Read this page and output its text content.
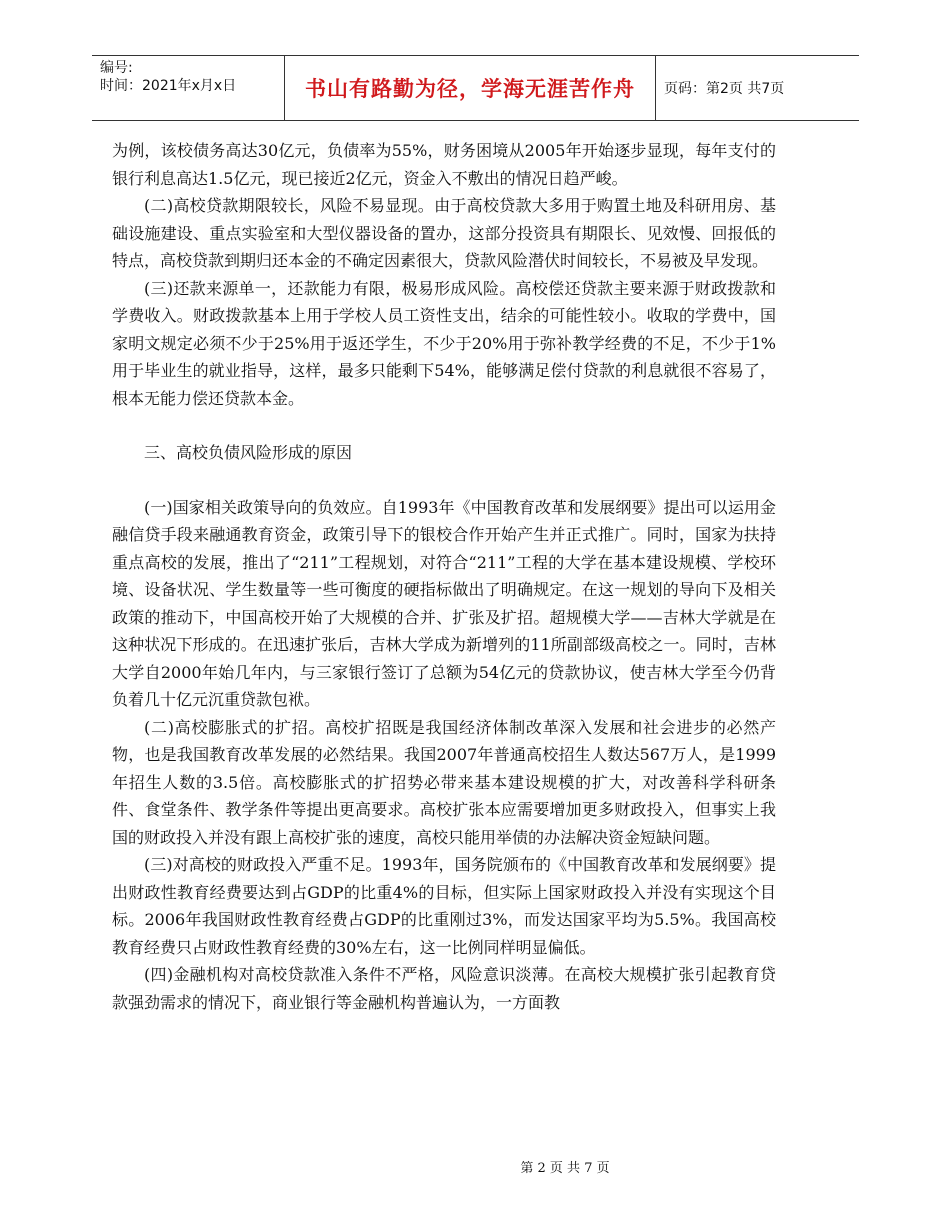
编号:
时间：2021年x月x日	书山有路勤为径，学海无涯苦作舟	页码：第2页 共7页

为例，该校债务高达30亿元，负债率为55%，财务困境从2005年开始逐步显现，每年支付的银行利息高达1.5亿元，现已接近2亿元，资金入不敷出的情况日趋严峻。

(二)高校贷款期限较长，风险不易显现。由于高校贷款大多用于购置土地及科研用房、基础设施建设、重点实验室和大型仪器设备的置办，这部分投资具有期限长、见效慢、回报低的特点，高校贷款到期归还本金的不确定因素很大，贷款风险潜伏时间较长，不易被及早发现。

(三)还款来源单一，还款能力有限，极易形成风险。高校偿还贷款主要来源于财政拨款和学费收入。财政拨款基本上用于学校人员工资性支出，结余的可能性较小。收取的学费中，国家明文规定必须不少于25%用于返还学生，不少于20%用于弥补教学经费的不足，不少于1%用于毕业生的就业指导，这样，最多只能剩下54%，能够满足偿付贷款的利息就很不容易了，根本无能力偿还贷款本金。

三、高校负债风险形成的原因

(一)国家相关政策导向的负效应。自1993年《中国教育改革和发展纲要》提出可以运用金融信贷手段来融通教育资金，政策引导下的银校合作开始产生并正式推广。同时，国家为扶持重点高校的发展，推出了“211”工程规划，对符合“211”工程的大学在基本建设规模、学校环境、设备状况、学生数量等一些可衡度的硬指标做出了明确规定。在这一规划的导向下及相关政策的推动下，中国高校开始了大规模的合并、扩张及扩招。超规模大学——吉林大学就是在这种状况下形成的。在迅速扩张后，吉林大学成为新增列的11所副部级高校之一。同时，吉林大学自2000年始几年内，与三家银行签订了总额为54亿元的贷款协议，使吉林大学至今仍背负着几十亿元沉重贷款包袱。

(二)高校膨胀式的扩招。高校扩招既是我国经济体制改革深入发展和社会进步的必然产物，也是我国教育改革发展的必然结果。我国2007年普通高校招生人数达567万人，是1999年招生人数的3.5倍。高校膨胀式的扩招势必带来基本建设规模的扩大，对改善科学科研条件、食堂条件、教学条件等提出更高要求。高校扩张本应需要增加更多财政投入，但事实上我国的财政投入并没有跟上高校扩张的速度，高校只能用举债的办法解决资金短缺问题。

(三)对高校的财政投入严重不足。1993年，国务院颁布的《中国教育改革和发展纲要》提出财政性教育经费要达到占GDP的比重4%的目标，但实际上国家财政投入并没有实现这个目标。2006年我国财政性教育经费占GDP的比重刚过3%，而发达国家平均为5.5%。我国高校教育经费只占财政性教育经费的30%左右，这一比例同样明显偏低。

(四)金融机构对高校贷款准入条件不严格，风险意识淡薄。在高校大规模扩张引起教育贷款强劲需求的情况下，商业银行等金融机构普遍认为，一方面教

第 2 页 共 7 页
